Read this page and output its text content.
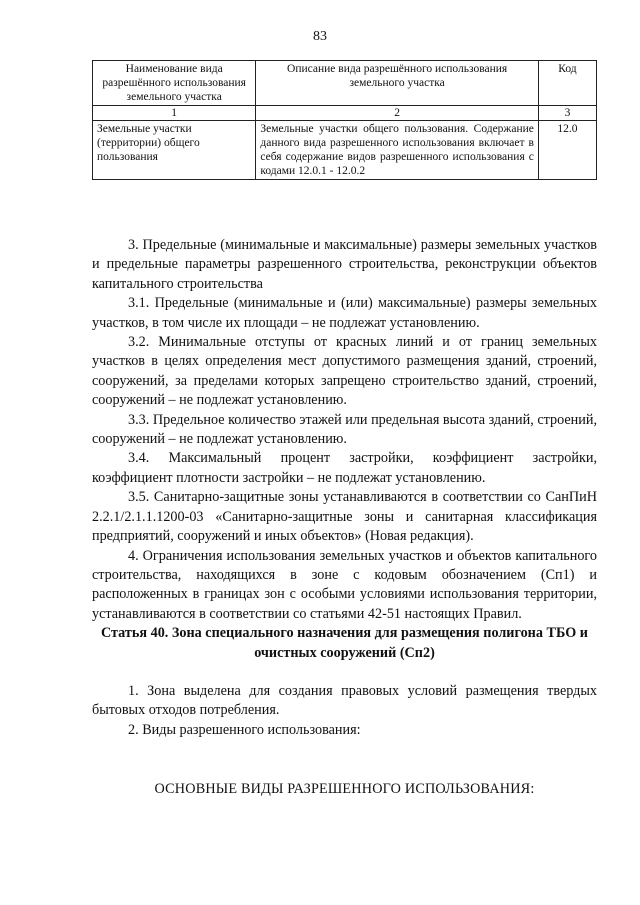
83
Наименование вида разрешённого использования земельного участка	Описание вида разрешённого использования земельного участка	Код
1	2	3
Земельные участки (территории) общего пользования	Земельные участки общего пользования. Содержание данного вида разрешенного использования включает в себя содержание видов разрешенного использования с кодами 12.0.1 - 12.0.2	12.0

3. Предельные (минимальные и максимальные) размеры земельных участков и предельные параметры разрешенного строительства, реконструкции объектов капитального строительства

3.1. Предельные (минимальные и (или) максимальные) размеры земельных участков, в том числе их площади – не подлежат установлению.

3.2. Минимальные отступы от красных линий и от границ земельных участков в целях определения мест допустимого размещения зданий, строений, сооружений, за пределами которых запрещено строительство зданий, строений, сооружений – не подлежат установлению.

3.3. Предельное количество этажей или предельная высота зданий, строений, сооружений – не подлежат установлению.

3.4. Максимальный процент застройки, коэффициент застройки, коэффициент плотности застройки – не подлежат установлению.

3.5. Санитарно-защитные зоны устанавливаются в соответствии со СанПиН 2.2.1/2.1.1.1200-03 «Санитарно-защитные зоны и санитарная классификация предприятий, сооружений и иных объектов» (Новая редакция).

4. Ограничения использования земельных участков и объектов капитального строительства, находящихся в зоне с кодовым обозначением (Сп1) и расположенных в границах зон с особыми условиями использования территории, устанавливаются в соответствии со статьями 42-51 настоящих Правил.

Статья 40. Зона специального назначения для размещения полигона ТБО и очистных сооружений (Сп2)

1. Зона выделена для создания правовых условий размещения твердых бытовых отходов потребления.

2. Виды разрешенного использования:

ОСНОВНЫЕ ВИДЫ РАЗРЕШЕННОГО ИСПОЛЬЗОВАНИЯ:
